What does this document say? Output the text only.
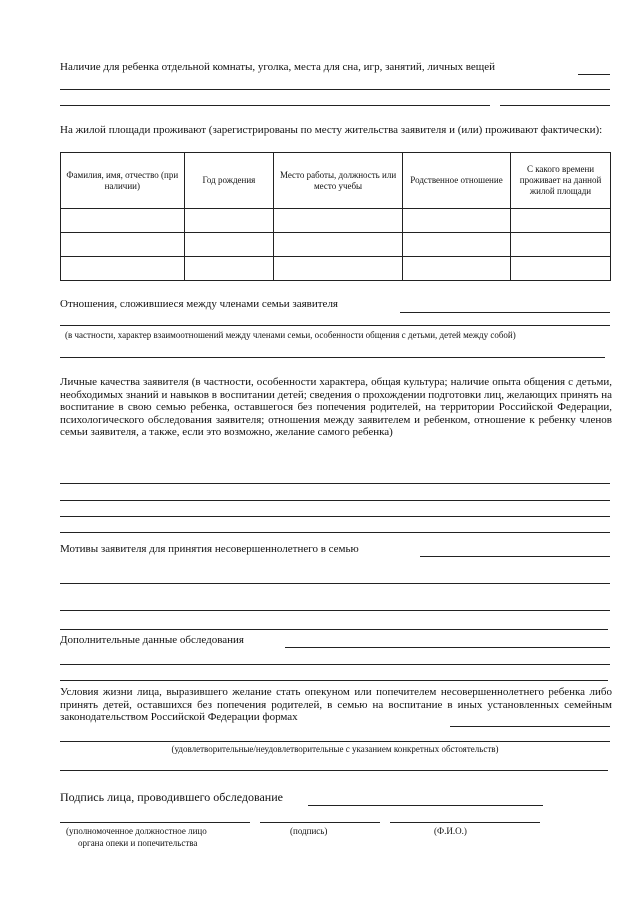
Наличие для ребенка отдельной комнаты, уголка, места для сна, игр, занятий, личных вещей
На жилой площади проживают (зарегистрированы по месту жительства заявителя и (или) проживают фактически):
Фамилия, имя, отчество (при наличии)	Год рождения	Место работы, должность или место учебы	Родственное отношение	С какого времени проживает на данной жилой площади

Отношения, сложившиеся между членами семьи заявителя
(в частности, характер взаимоотношений между членами семьи, особенности общения с детьми, детей между собой)
Личные качества заявителя (в частности, особенности характера, общая культура; наличие опыта общения с детьми, необходимых знаний и навыков в воспитании детей; сведения о прохождении подготовки лиц, желающих принять на воспитание в свою семью ребенка, оставшегося без попечения родителей, на территории Российской Федерации, психологического обследования заявителя; отношения между заявителем и ребенком, отношение к ребенку членов семьи заявителя, а также, если это возможно, желание самого ребенка)
Мотивы заявителя для принятия несовершеннолетнего в семью
Дополнительные данные обследования
Условия жизни лица, выразившего желание стать опекуном или попечителем несовершеннолетнего ребенка либо принять детей, оставшихся без попечения родителей, в семью на воспитание в иных установленных семейным законодательством Российской Федерации формах
(удовлетворительные/неудовлетворительные с указанием конкретных обстоятельств)
Подпись лица, проводившего обследование
(уполномоченное должностное лицо
органа опеки и попечительства
(подпись)	(Ф.И.О.)
